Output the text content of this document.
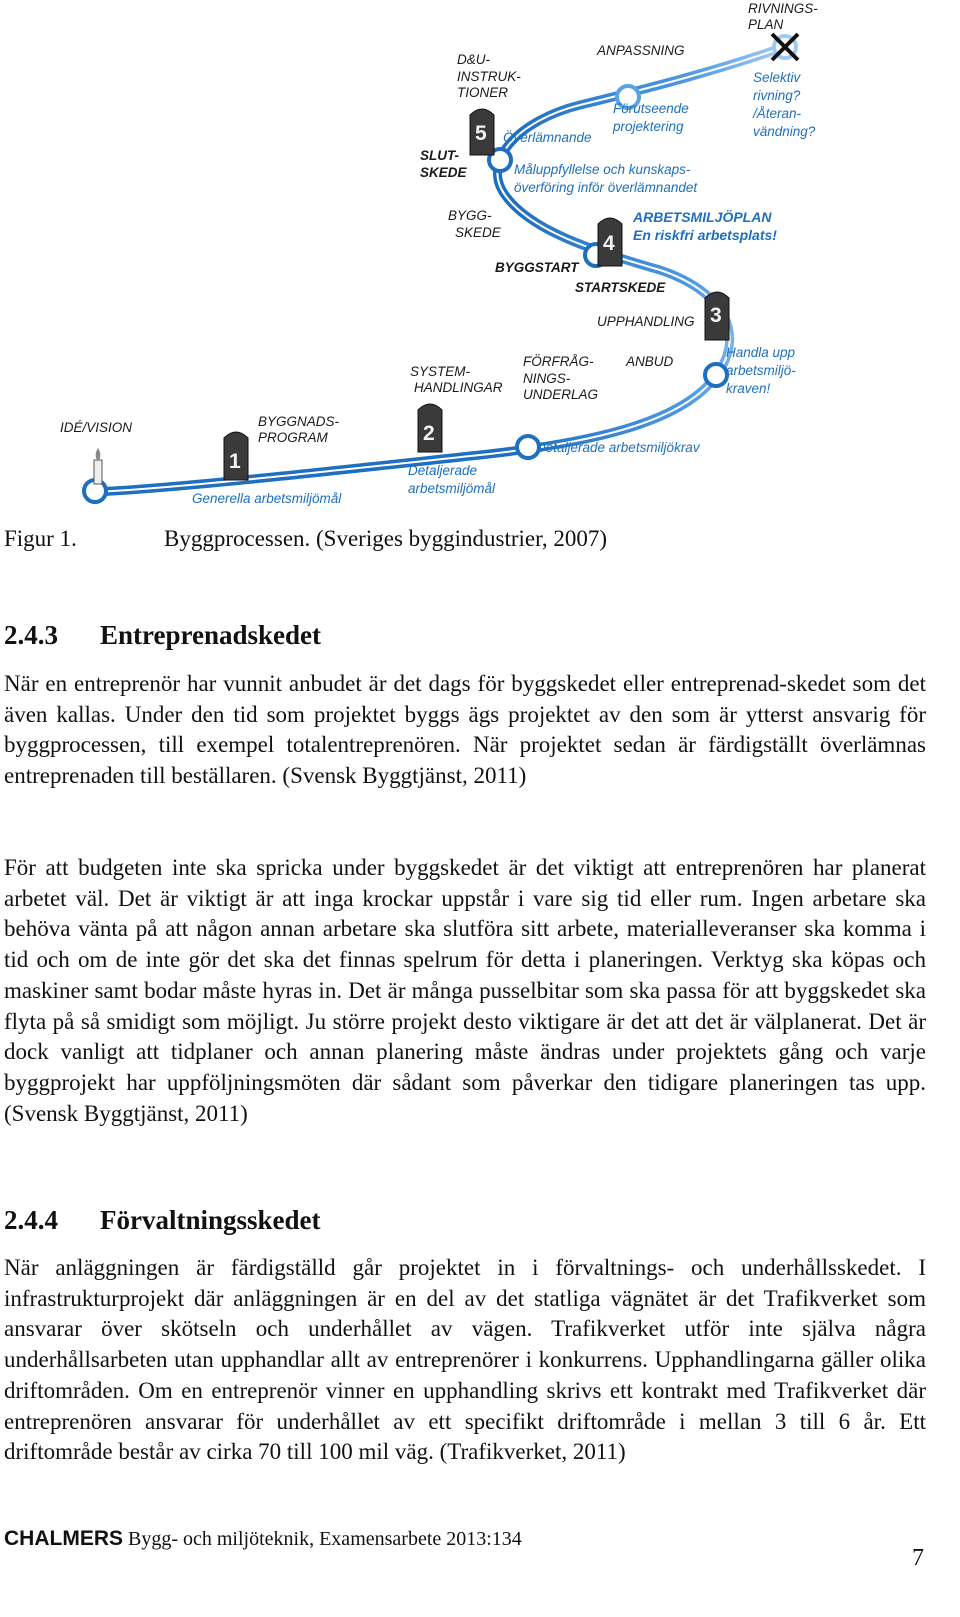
1
2
3
4
5
IDÉ/VISION	BYGGNADS-
PROGRAM
Generella arbetsmiljömål
SYSTEM-
HANDLINGAR
Detaljerade
arbetsmiljömål
FÖRFRÅG-
NINGS-
UNDERLAG
ANBUD
Detaljerade arbetsmiljökrav
UPPHANDLING
Handla upp
arbetsmiljö-
kraven!
STARTSKEDE
BYGGSTART
BYGG-
SKEDE
ARBETSMILJÖPLAN
En riskfri arbetsplats!
Måluppfyllelse och kunskaps-
överföring inför överlämnandet
SLUT-
SKEDE
Överlämnande
D&U-
INSTRUK-
TIONER
ANPASSNING
Förutseende
projektering
RIVNINGS-
PLAN
Selektiv
rivning?
/Återan-
vändning?
Figur 1.	Byggprocessen. (Sveriges byggindustrier, 2007)
2.4.3 Entreprenadskedet

När en entreprenör har vunnit anbudet är det dags för byggskedet eller entreprenad-skedet som det även kallas. Under den tid som projektet byggs ägs projektet av den som är ytterst ansvarig för byggprocessen, till exempel totalentreprenören. När projektet sedan är färdigställt överlämnas entreprenaden till beställaren. (Svensk Byggtjänst, 2011)

För att budgeten inte ska spricka under byggskedet är det viktigt att entreprenören har planerat arbetet väl. Det är viktigt är att inga krockar uppstår i vare sig tid eller rum. Ingen arbetare ska behöva vänta på att någon annan arbetare ska slutföra sitt arbete, materialleveranser ska komma i tid och om de inte gör det ska det finnas spelrum för detta i planeringen. Verktyg ska köpas och maskiner samt bodar måste hyras in. Det är många pusselbitar som ska passa för att byggskedet ska flyta på så smidigt som möjligt. Ju större projekt desto viktigare är det att det är välplanerat. Det är dock vanligt att tidplaner och annan planering måste ändras under projektets gång och varje byggprojekt har uppföljningsmöten där sådant som påverkar den tidigare planeringen tas upp. (Svensk Byggtjänst, 2011)

2.4.4 Förvaltningsskedet

När anläggningen är färdigställd går projektet in i förvaltnings- och underhållsskedet. I infrastrukturprojekt där anläggningen är en del av det statliga vägnätet är det Trafikverket som ansvarar över skötseln och underhållet av vägen. Trafikverket utför inte själva några underhållsarbeten utan upphandlar allt av entreprenörer i konkurrens. Upphandlingarna gäller olika driftområden. Om en entreprenör vinner en upphandling skrivs ett kontrakt med Trafikverket där entreprenören ansvarar för underhållet av ett specifikt driftområde i mellan 3 till 6 år. Ett driftområde består av cirka 70 till 100 mil väg. (Trafikverket, 2011)

CHALMERS Bygg- och miljöteknik, Examensarbete 2013:134
7
